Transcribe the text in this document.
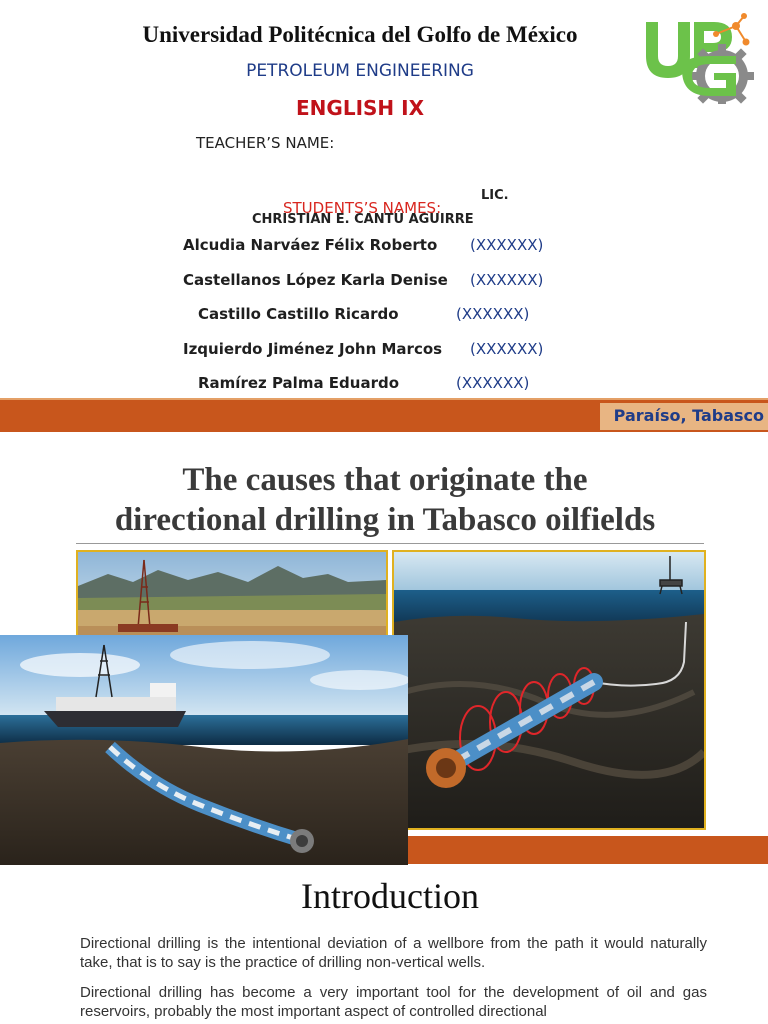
Universidad Politécnica del Golfo de México
PETROLEUM ENGINEERING
ENGLISH IX
TEACHER’S NAME:
STUDENTS’S NAMES:
LIC.
CHRISTIAN E. CANTÚ AGUIRRE
Alcudia Narváez Félix Roberto (XXXXXX)
Castellanos López Karla Denise (XXXXXX)
Castillo Castillo Ricardo	(XXXXXX)
Izquierdo Jiménez John Marcos (XXXXXX)
Ramírez Palma Eduardo	(XXXXXX)
Paraíso, Tabasco
The causes that originate the
directional drilling in Tabasco oilfields
Introduction
Directional drilling is the intentional deviation of a wellbore from the path it would naturally take, that is to say is the practice of drilling non-vertical wells.
Directional drilling has become a very important tool for the development of oil and gas reservoirs, probably the most important aspect of controlled directional
